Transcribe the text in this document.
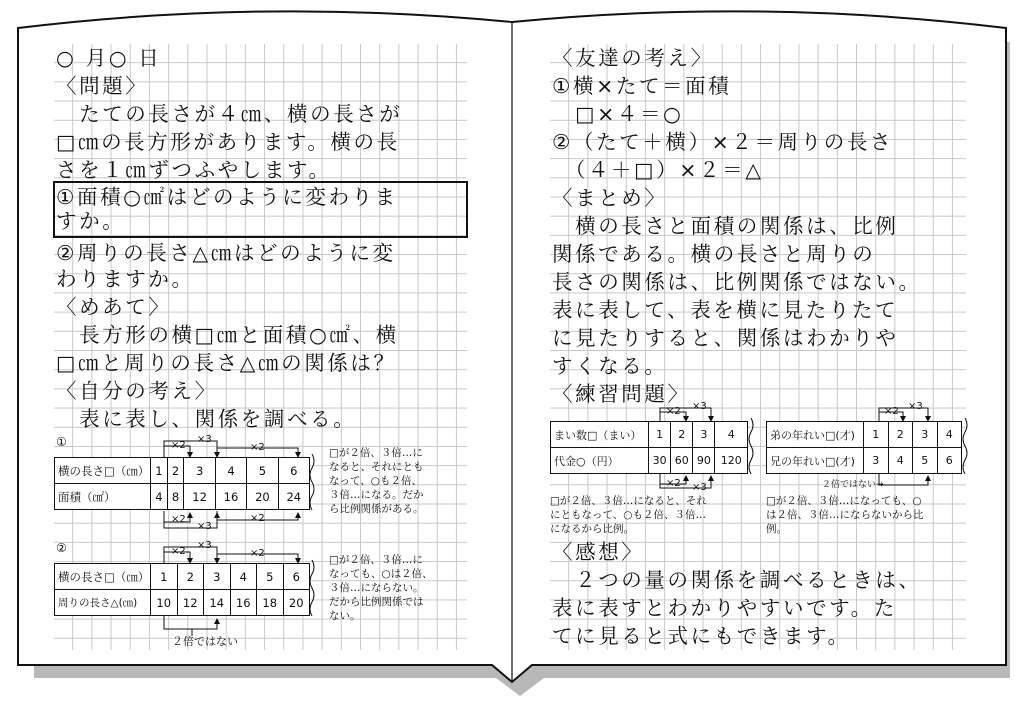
○ 月○ 日
〈問題〉
　たての長さが４㎝、横の長さが
□㎝の長方形があります。横の長
さを１㎝ずつふやします。
①面積○㎠はどのように変わりま
すか。
②周りの長さ△㎝はどのように変
わりますか。
〈めあて〉
　長方形の横□㎝と面積○㎠、横
□㎝と周りの長さ△㎝の関係は？
〈自分の考え〉
　表に表し、関係を調べる。
①	×2
×3
×2
×2
×3
×2
横の長さ□（㎝）	1	2	3	4	5	6
面積（㎠）	4	8	12	16	20	24
□が２倍、３倍…に
なると、それにとも
なって、○も２倍、
３倍…になる。だか
ら比例関係がある。
②	×2
×3
×2
横の長さ□（㎝）	1	2	3	4	5	6
周りの長さ△(㎝)	10	12	14	16	18	20
２倍ではない
□が２倍、３倍…に
なっても、○は２倍、
３倍…にならない。
だから比例関係では
ない。
〈友達の考え〉
①横×たて＝面積
　□×４＝○
②（たて＋横）×２＝周りの長さ
　（４＋□）×２＝△
〈まとめ〉
　横の長さと面積の関係は、比例
関係である。横の長さと周りの
長さの関係は、比例関係ではない。
表に表して、表を横に見たりたて
に見たりすると、関係はわかりや
すくなる。
〈練習問題〉
×2 ×3
×2 ×3
まい数□（まい）	1	2	3	4
代金○（円）	30	60	90	120
□が２倍、３倍…になると、それ
にともなって、○も２倍、３倍…
になるから比例。
×2 ×3
２倍ではない→
弟の年れい□(才)	1	2	3	4
兄の年れい□(才)	3	4	5	6
□が２倍、３倍…になっても、○
は２倍、３倍…にならないから比
例。
〈感想〉
　２つの量の関係を調べるときは、
表に表すとわかりやすいです。た
てに見ると式にもできます。
